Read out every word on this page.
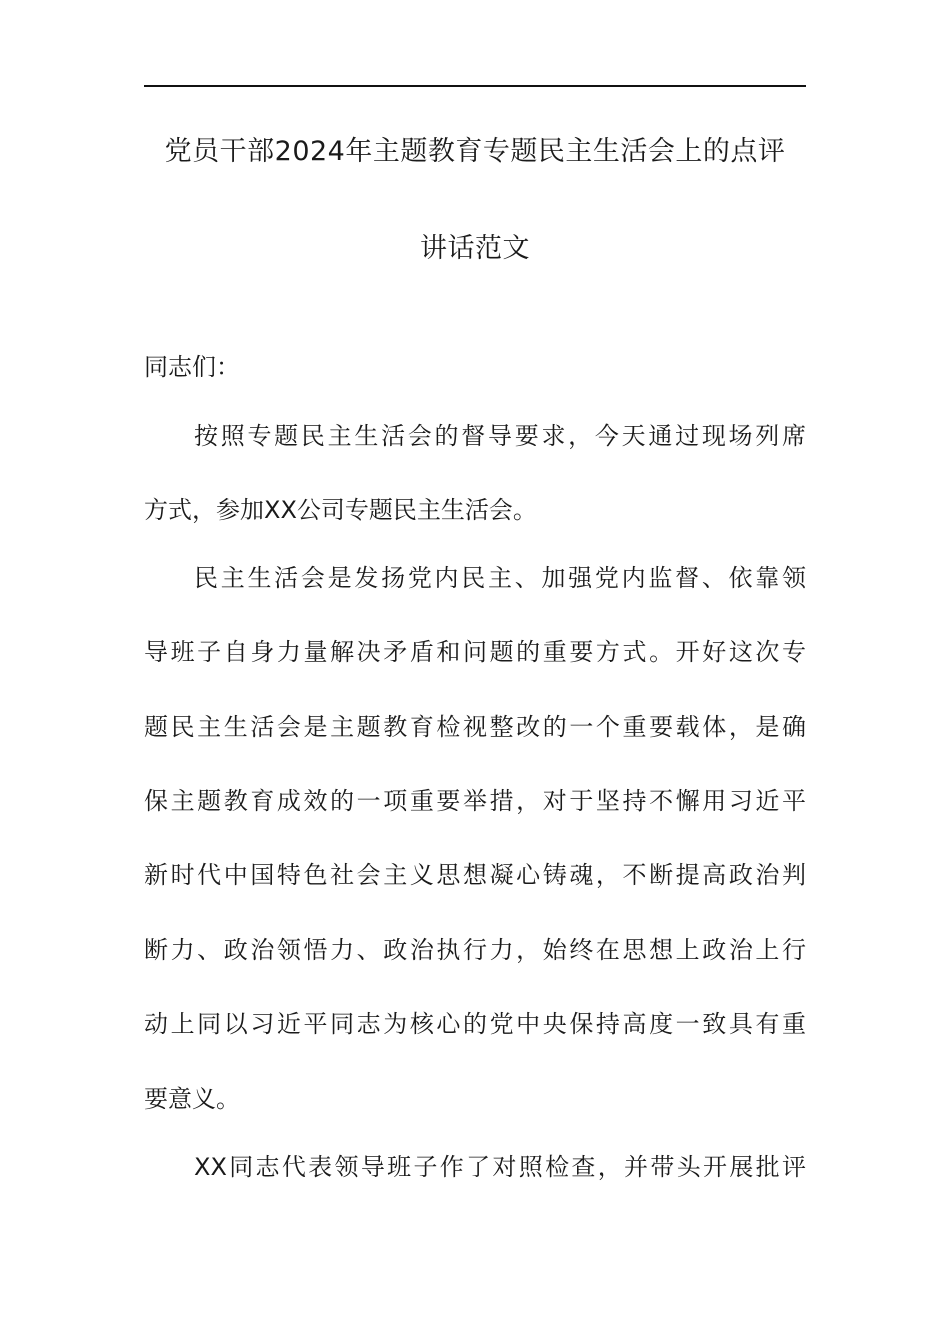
党员干部2024年主题教育专题民主生活会上的点评
讲话范文
同志们：
按照专题民主生活会的督导要求，今天通过现场列席
方式，参加XX公司专题民主生活会。
民主生活会是发扬党内民主、加强党内监督、依靠领
导班子自身力量解决矛盾和问题的重要方式。开好这次专
题民主生活会是主题教育检视整改的一个重要载体，是确
保主题教育成效的一项重要举措，对于坚持不懈用习近平
新时代中国特色社会主义思想凝心铸魂，不断提高政治判
断力、政治领悟力、政治执行力，始终在思想上政治上行
动上同以习近平同志为核心的党中央保持高度一致具有重
要意义。
XX同志代表领导班子作了对照检查，并带头开展批评
